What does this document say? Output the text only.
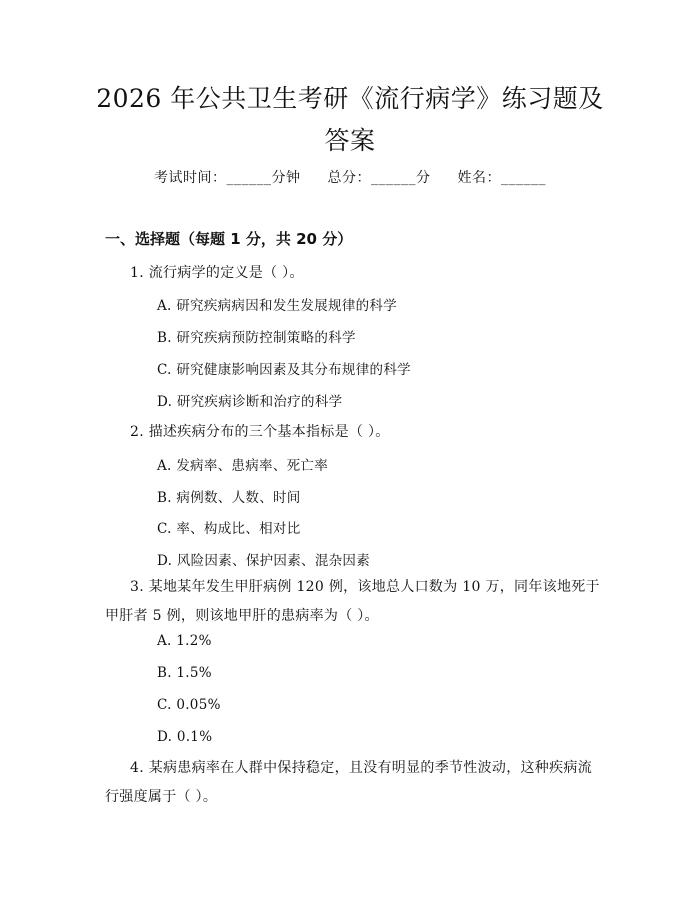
2026 年公共卫生考研《流行病学》练习题及
答案
考试时间：______分钟 总分：______分 姓名：______
一、选择题（每题 1 分，共 20 分）
1. 流行病学的定义是（ ）。
A. 研究疾病病因和发生发展规律的科学
B. 研究疾病预防控制策略的科学
C. 研究健康影响因素及其分布规律的科学
D. 研究疾病诊断和治疗的科学
2. 描述疾病分布的三个基本指标是（ ）。
A. 发病率、患病率、死亡率
B. 病例数、人数、时间
C. 率、构成比、相对比
D. 风险因素、保护因素、混杂因素
3. 某地某年发生甲肝病例 120 例，该地总人口数为 10 万，同年该地死于甲肝者 5 例，则该地甲肝的患病率为（ ）。
A. 1.2%
B. 1.5%
C. 0.05%
D. 0.1%
4. 某病患病率在人群中保持稳定，且没有明显的季节性波动，这种疾病流行强度属于（ ）。
